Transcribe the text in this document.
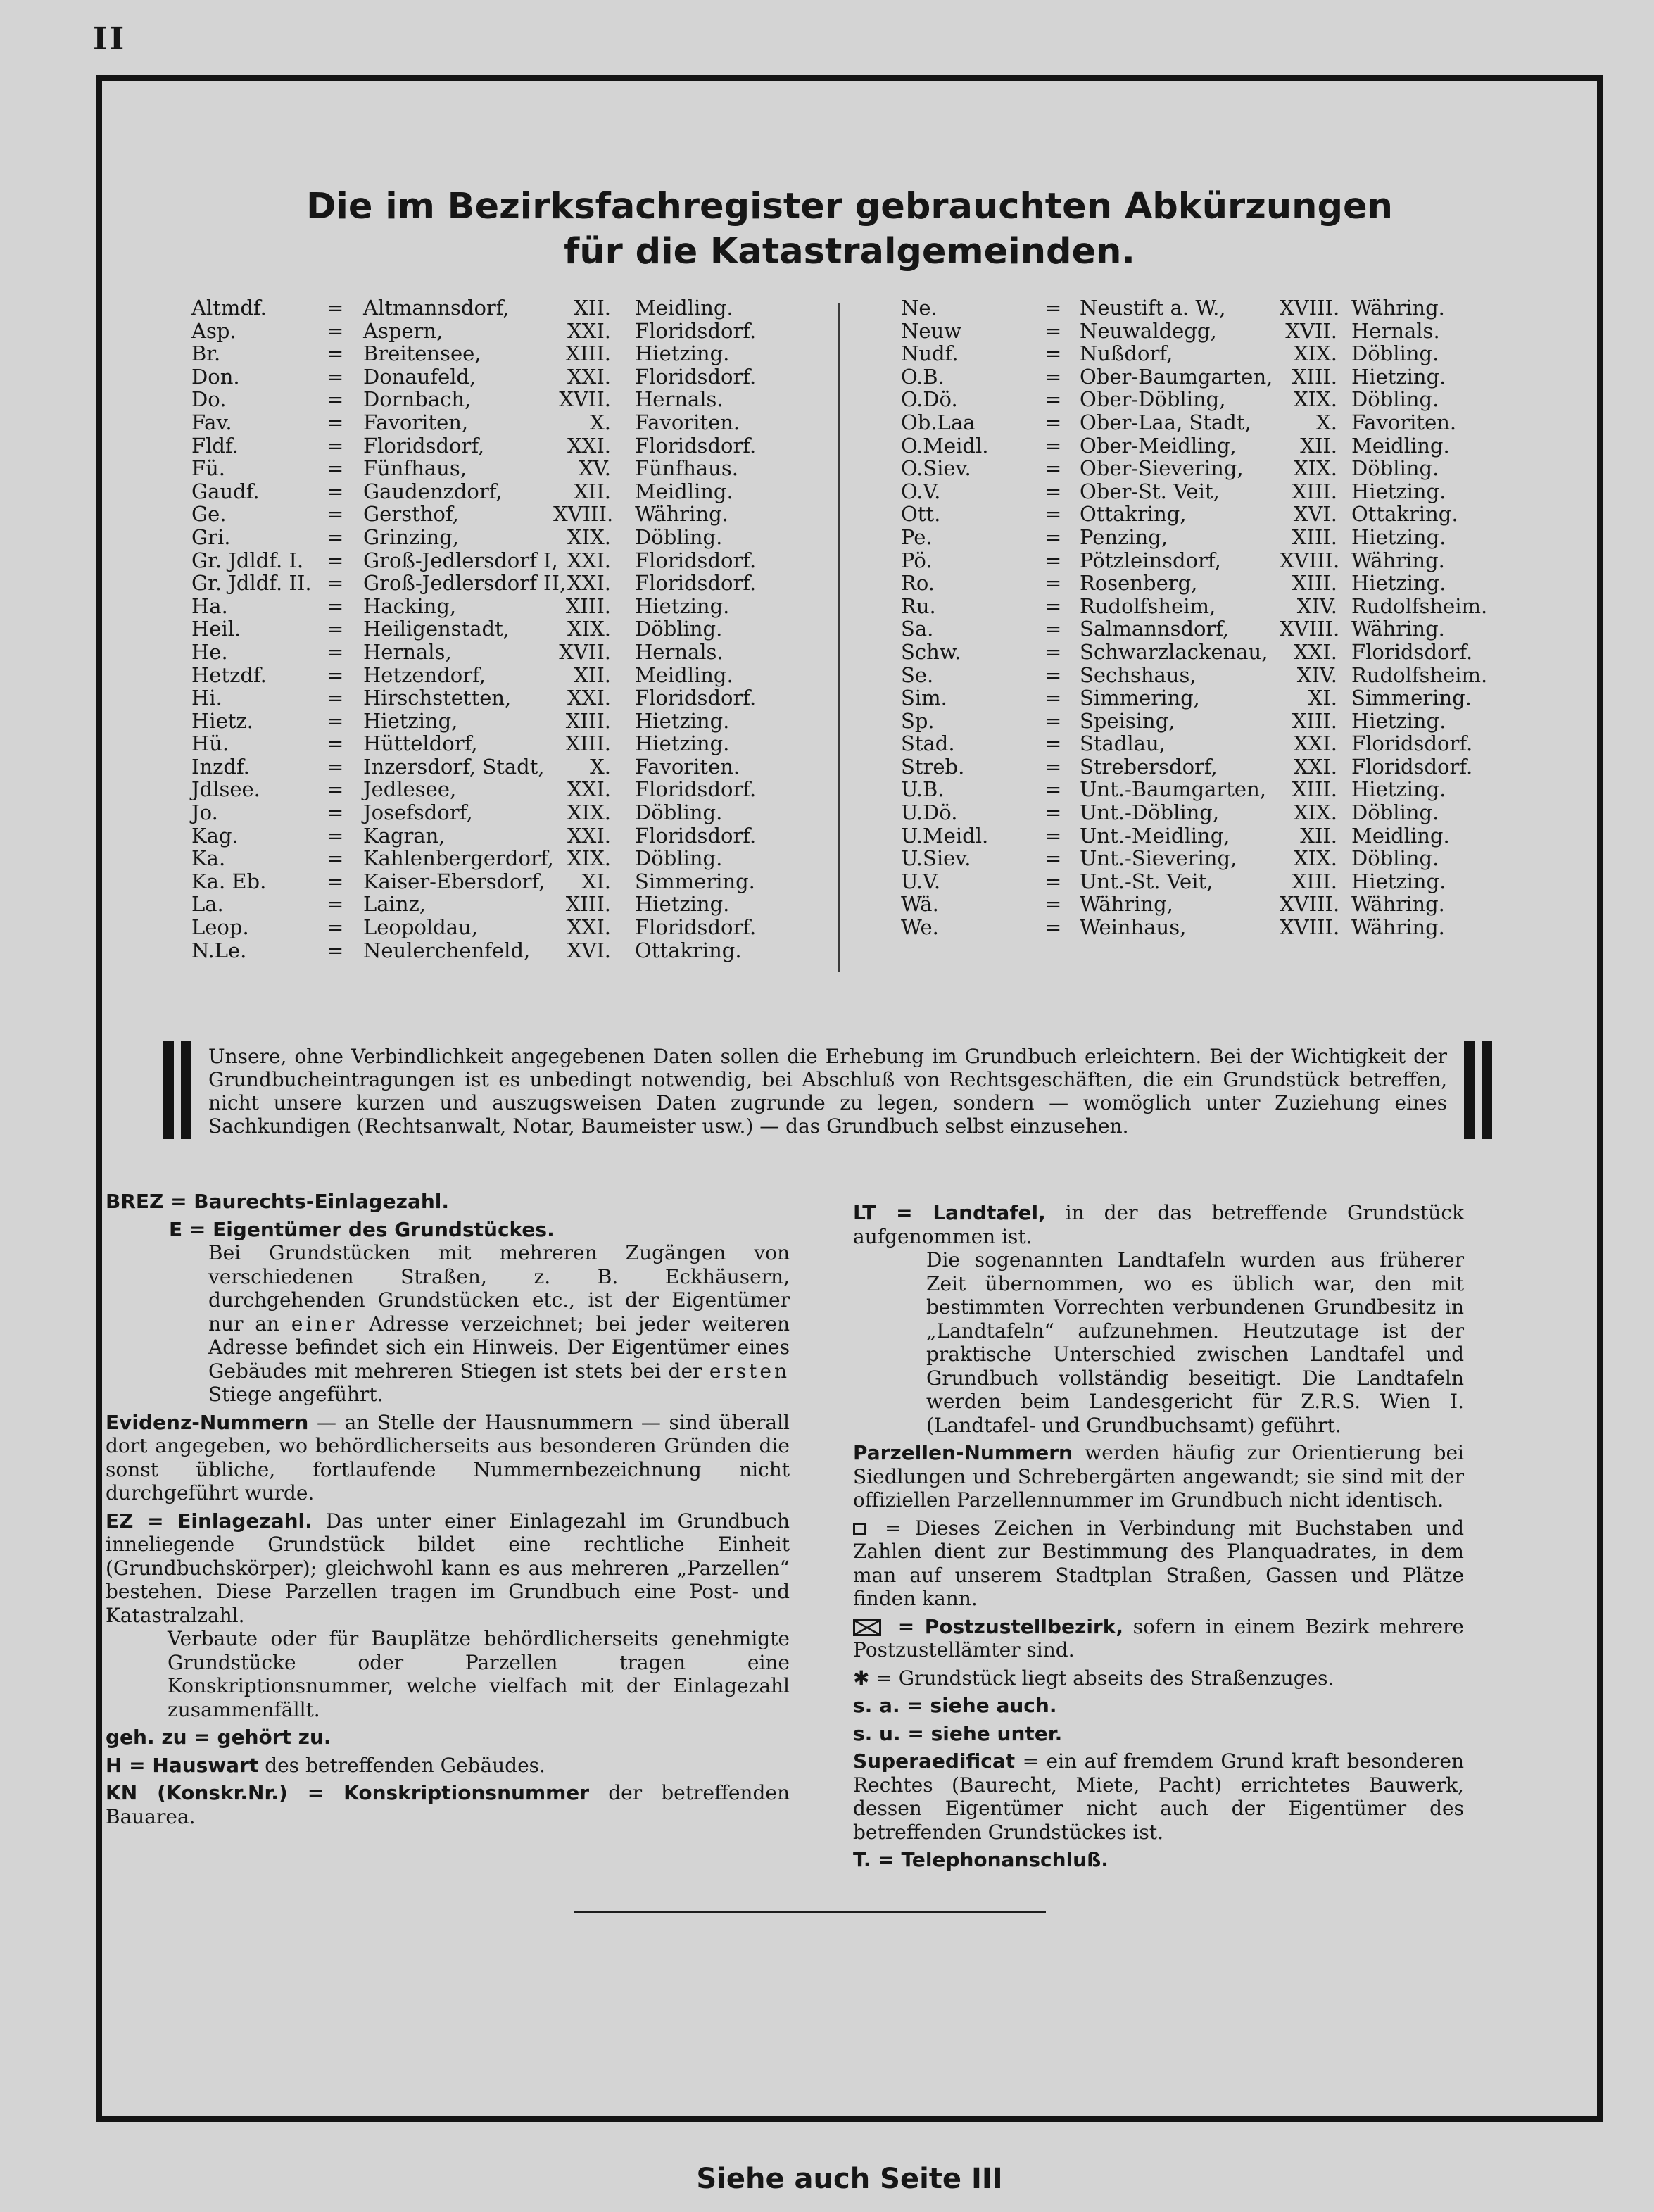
II
Die im Bezirksfachregister gebrauchten Abkürzungen
für die Katastralgemeinden.
Altmdf.	= Altmannsdorf,	XII. Meidling.
Asp.	= Aspern,	XXI. Floridsdorf.
Br.	= Breitensee,	XIII. Hietzing.
Don.	= Donaufeld,	XXI. Floridsdorf.
Do.	= Dornbach,	XVII. Hernals.
Fav.	= Favoriten,	X. Favoriten.
Fldf.	= Floridsdorf,	XXI. Floridsdorf.
Fü.	= Fünfhaus,	XV. Fünfhaus.
Gaudf.	= Gaudenzdorf,	XII. Meidling.
Ge.	= Gersthof,	XVIII. Währing.
Gri.	= Grinzing,	XIX. Döbling.
Gr. Jdldf. I. = Groß-Jedlersdorf I, XXI. Floridsdorf.
Gr. Jdldf. II. = Groß-Jedlersdorf II, XXI. Floridsdorf.
Ha.	= Hacking,	XIII. Hietzing.
Heil.	= Heiligenstadt,	XIX. Döbling.
He.	= Hernals,	XVII. Hernals.
Hetzdf.	= Hetzendorf,	XII. Meidling.
Hi.	= Hirschstetten,	XXI. Floridsdorf.
Hietz.	= Hietzing,	XIII. Hietzing.
Hü.	= Hütteldorf,	XIII. Hietzing.
Inzdf.	= Inzersdorf, Stadt,	X. Favoriten.
Jdlsee.	= Jedlesee,	XXI. Floridsdorf.
Jo.	= Josefsdorf,	XIX. Döbling.
Kag.	= Kagran,	XXI. Floridsdorf.
Ka.	= Kahlenbergerdorf, XIX. Döbling.
Ka. Eb.	= Kaiser-Ebersdorf,	XI. Simmering.
La.	= Lainz,	XIII. Hietzing.
Leop.	= Leopoldau,	XXI. Floridsdorf.
N.Le.	= Neulerchenfeld,	XVI. Ottakring.
Ne.	= Neustift a. W.,	XVIII. Währing.
Neuw	= Neuwaldegg,	XVII. Hernals.
Nudf.	= Nußdorf,	XIX. Döbling.
O.B.	= Ober-Baumgarten, XIII. Hietzing.
O.Dö.	= Ober-Döbling,	XIX. Döbling.
Ob.Laa	= Ober-Laa, Stadt,	X. Favoriten.
O.Meidl.	= Ober-Meidling,	XII. Meidling.
O.Siev.	= Ober-Sievering,	XIX. Döbling.
O.V.	= Ober-St. Veit,	XIII. Hietzing.
Ott.	= Ottakring,	XVI. Ottakring.
Pe.	= Penzing,	XIII. Hietzing.
Pö.	= Pötzleinsdorf,	XVIII. Währing.
Ro.	= Rosenberg,	XIII. Hietzing.
Ru.	= Rudolfsheim,	XIV. Rudolfsheim.
Sa.	= Salmannsdorf, XVIII. Währing.
Schw.	= Schwarzlackenau,	XXI. Floridsdorf.
Se.	= Sechshaus,	XIV. Rudolfsheim.
Sim.	= Simmering,	XI. Simmering.
Sp.	= Speising,	XIII. Hietzing.
Stad.	= Stadlau,	XXI. Floridsdorf.
Streb.	= Strebersdorf,	XXI. Floridsdorf.
U.B.	= Unt.-Baumgarten,	XIII. Hietzing.
U.Dö.	= Unt.-Döbling,	XIX. Döbling.
U.Meidl.	= Unt.-Meidling,	XII. Meidling.
U.Siev.	= Unt.-Sievering,	XIX. Döbling.
U.V.	= Unt.-St. Veit,	XIII. Hietzing.
Wä.	= Währing,	XVIII. Währing.
We.	= Weinhaus,	XVIII. Währing.
Unsere, ohne Verbindlichkeit angegebenen Daten sollen die Erhebung im Grundbuch erleichtern. Bei der Wichtigkeit der Grundbucheintragungen ist es unbedingt notwendig, bei Abschluß von Rechtsgeschäften, die ein Grundstück betreffen, nicht unsere kurzen und auszugsweisen Daten zugrunde zu legen, sondern — womöglich unter Zuziehung eines Sachkundigen (Rechtsanwalt, Notar, Baumeister usw.) — das Grundbuch selbst einzusehen.

BREZ = Baurechts-Einlagezahl.

E = Eigentümer des Grundstückes.

Bei Grundstücken mit mehreren Zugängen von verschiedenen Straßen, z. B. Eckhäusern, durchgehenden Grundstücken etc., ist der Eigentümer nur an einer Adresse verzeichnet; bei jeder weiteren Adresse befindet sich ein Hinweis. Der Eigentümer eines Gebäudes mit mehreren Stiegen ist stets bei der ersten Stiege angeführt.

Evidenz-Nummern — an Stelle der Hausnummern — sind überall dort angegeben, wo behördlicherseits aus besonderen Gründen die sonst übliche, fortlaufende Nummernbezeichnung nicht durchgeführt wurde.

EZ = Einlagezahl. Das unter einer Einlagezahl im Grundbuch inneliegende Grundstück bildet eine rechtliche Einheit (Grundbuchskörper); gleichwohl kann es aus mehreren „Parzellen“ bestehen. Diese Parzellen tragen im Grundbuch eine Post- und Katastralzahl.

Verbaute oder für Bauplätze behördlicherseits genehmigte Grundstücke oder Parzellen tragen eine Konskriptionsnummer, welche vielfach mit der Einlagezahl zusammenfällt.

geh. zu = gehört zu.

H = Hauswart des betreffenden Gebäudes.

KN (Konskr.Nr.) = Konskriptionsnummer der betreffenden Bauarea.

LT = Landtafel, in der das betreffende Grundstück aufgenommen ist.

Die sogenannten Landtafeln wurden aus früherer Zeit übernommen, wo es üblich war, den mit bestimmten Vorrechten verbundenen Grundbesitz in „Landtafeln“ aufzunehmen. Heutzutage ist der praktische Unterschied zwischen Landtafel und Grundbuch vollständig beseitigt. Die Landtafeln werden beim Landesgericht für Z.R.S. Wien I. (Landtafel- und Grundbuchsamt) geführt.

Parzellen-Nummern werden häufig zur Orientierung bei Siedlungen und Schrebergärten angewandt; sie sind mit der offiziellen Parzellennummer im Grundbuch nicht identisch.

= Dieses Zeichen in Verbindung mit Buchstaben und Zahlen dient zur Bestimmung des Planquadrates, in dem man auf unserem Stadtplan Straßen, Gassen und Plätze finden kann.

= Postzustellbezirk, sofern in einem Bezirk mehrere Postzustellämter sind.

✱ = Grundstück liegt abseits des Straßenzuges.

s. a. = siehe auch.

s. u. = siehe unter.

Superaedificat = ein auf fremdem Grund kraft besonderen Rechtes (Baurecht, Miete, Pacht) errichtetes Bauwerk, dessen Eigentümer nicht auch der Eigentümer des betreffenden Grundstückes ist.

T. = Telephonanschluß.

Siehe auch Seite III
